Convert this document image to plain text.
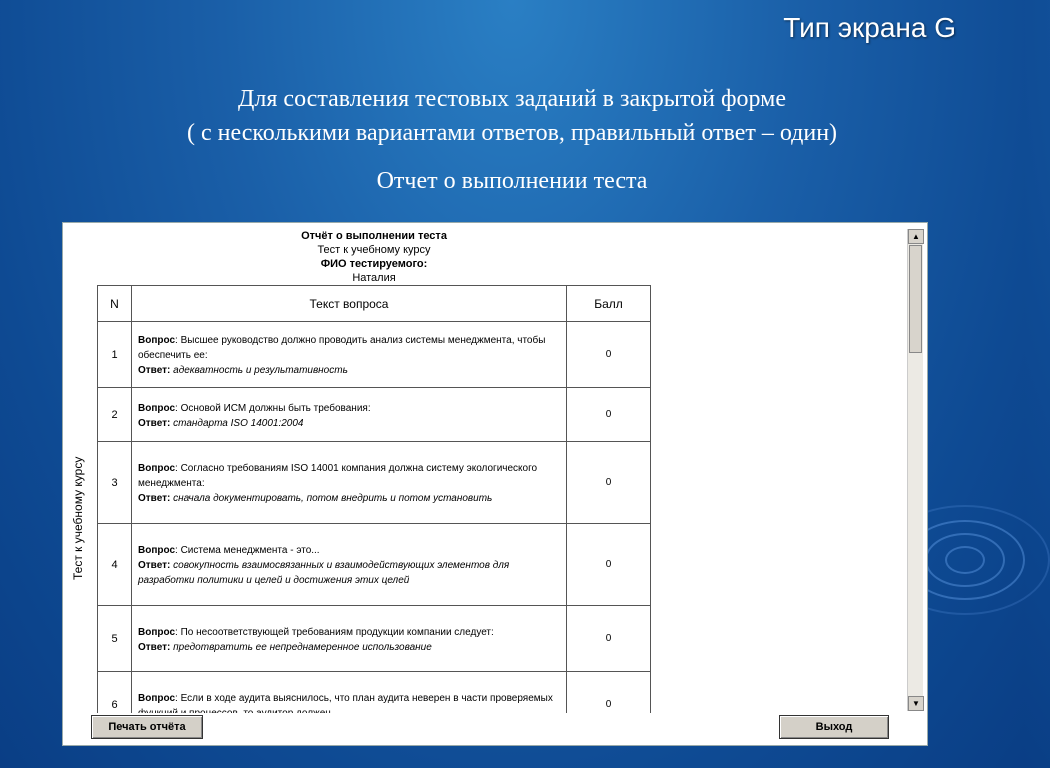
Тип экрана G
Для составления тестовых заданий в закрытой форме
( с несколькими вариантами ответов, правильный ответ – один)
Отчет о выполнении теста
Тест к учебному курсу
Отчёт о выполнении теста
Тест к учебному курсу
ФИО тестируемого:
Наталия
N	Текст вопроса	Балл
1	Вопрос: Высшее руководство должно проводить анализ системы менеджмента, чтобы обеспечить ее:
Ответ: адекватность и результативность	0
2	Вопрос: Основой ИСМ должны быть требования:
Ответ: стандарта ISO 14001:2004	0
3	Вопрос: Согласно требованиям ISO 14001 компания должна систему экологического менеджмента:
Ответ: сначала документировать, потом внедрить и потом установить	0
4	Вопрос: Система менеджмента - это...
Ответ: совокупность взаимосвязанных и взаимодействующих элементов для разработки политики и целей и достижения этих целей	0
5	Вопрос: По несоответствующей требованиям продукции компании следует:
Ответ: предотвратить ее непреднамеренное использование	0
6	Вопрос: Если в ходе аудита выяснилось, что план аудита неверен в части проверяемых	0
▲
▼
Печать отчёта	Выход
